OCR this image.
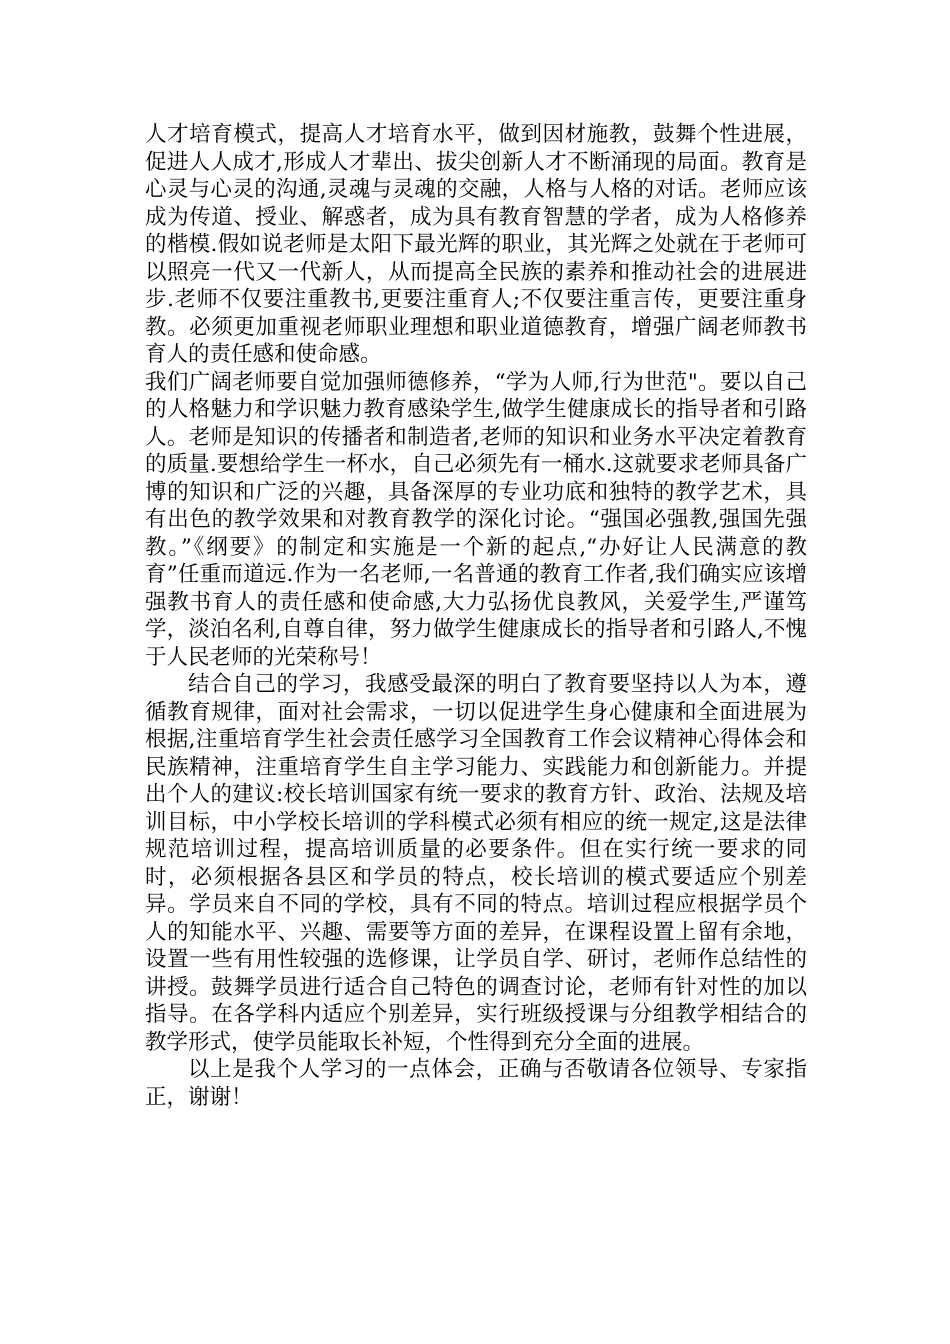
人才培育模式，提高人才培育水平，做到因材施教，鼓舞个性进展，促进人人成才,形成人才辈出、拔尖创新人才不断涌现的局面。教育是心灵与心灵的沟通,灵魂与灵魂的交融，人格与人格的对话。老师应该成为传道、授业、解惑者，成为具有教育智慧的学者，成为人格修养的楷模.假如说老师是太阳下最光辉的职业，其光辉之处就在于老师可以照亮一代又一代新人，从而提高全民族的素养和推动社会的进展进步.老师不仅要注重教书,更要注重育人;不仅要注重言传，更要注重身教。必须更加重视老师职业理想和职业道德教育，增强广阔老师教书育人的责任感和使命感。

我们广阔老师要自觉加强师德修养，“学为人师,行为世范"。要以自己的人格魅力和学识魅力教育感染学生,做学生健康成长的指导者和引路人。老师是知识的传播者和制造者,老师的知识和业务水平决定着教育的质量.要想给学生一杯水，自己必须先有一桶水.这就要求老师具备广博的知识和广泛的兴趣，具备深厚的专业功底和独特的教学艺术，具有出色的教学效果和对教育教学的深化讨论。“强国必强教,强国先强教。”《纲要》的制定和实施是一个新的起点,“办好让人民满意的教育”任重而道远.作为一名老师,一名普通的教育工作者,我们确实应该增强教书育人的责任感和使命感,大力弘扬优良教风，关爱学生,严谨笃学，淡泊名利,自尊自律，努力做学生健康成长的指导者和引路人,不愧于人民老师的光荣称号！

结合自己的学习，我感受最深的明白了教育要坚持以人为本，遵循教育规律，面对社会需求，一切以促进学生身心健康和全面进展为根据,注重培育学生社会责任感学习全国教育工作会议精神心得体会和民族精神，注重培育学生自主学习能力、实践能力和创新能力。并提出个人的建议:校长培训国家有统一要求的教育方针、政治、法规及培训目标，中小学校长培训的学科模式必须有相应的统一规定,这是法律规范培训过程，提高培训质量的必要条件。但在实行统一要求的同时，必须根据各县区和学员的特点，校长培训的模式要适应个别差异。学员来自不同的学校，具有不同的特点。培训过程应根据学员个人的知能水平、兴趣、需要等方面的差异，在课程设置上留有余地，设置一些有用性较强的选修课，让学员自学、研讨，老师作总结性的讲授。鼓舞学员进行适合自己特色的调查讨论，老师有针对性的加以指导。在各学科内适应个别差异，实行班级授课与分组教学相结合的教学形式，使学员能取长补短，个性得到充分全面的进展。

以上是我个人学习的一点体会，正确与否敬请各位领导、专家指正，谢谢！
